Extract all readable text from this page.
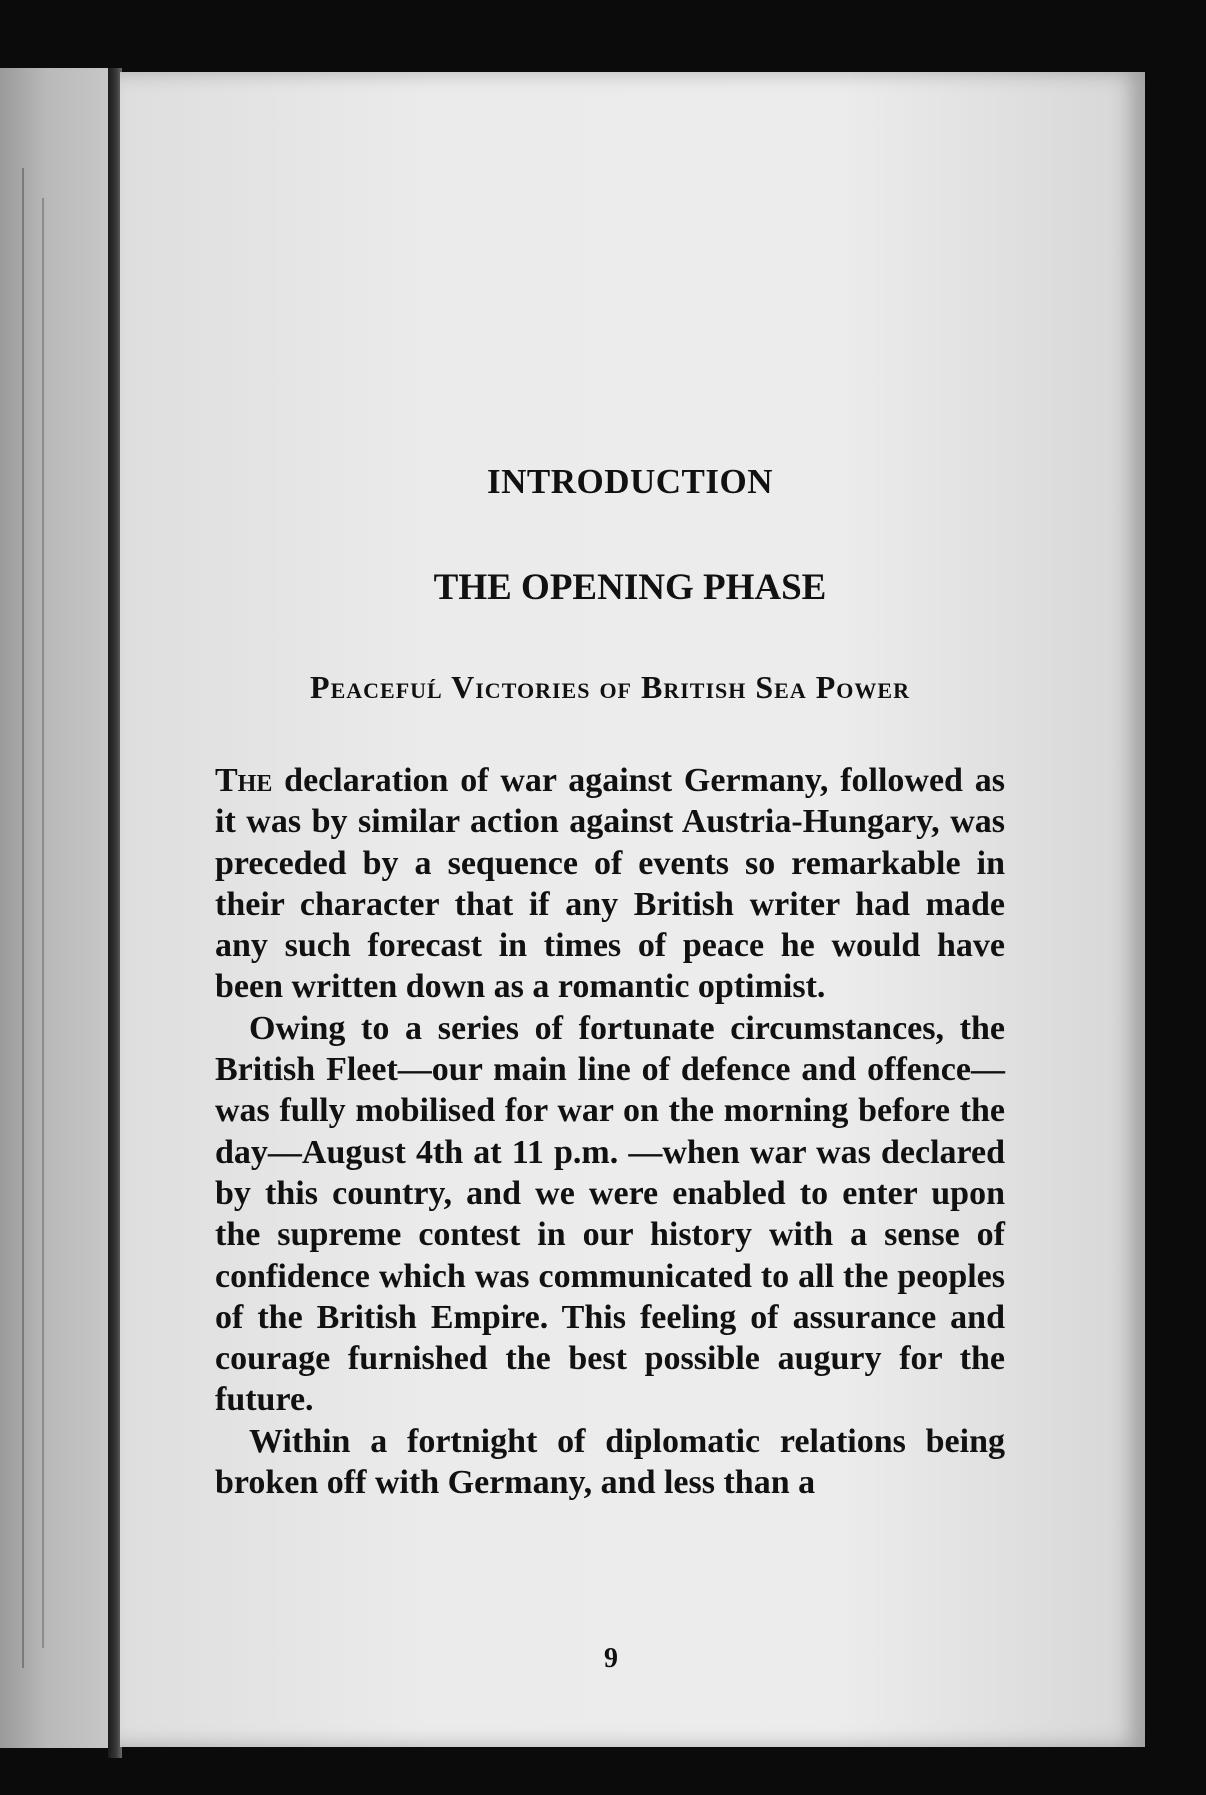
INTRODUCTION
THE OPENING PHASE
Peacefuĺ Victories of British Sea Power

The declaration of war against Germany, followed as it was by similar action against Austria-Hungary, was preceded by a sequence of events so remarkable in their character that if any British writer had made any such forecast in times of peace he would have been written down as a romantic optimist.

Owing to a series of fortunate circumstances, the British Fleet—our main line of defence and offence—was fully mobilised for war on the morning before the day—August 4th at 11 p.m. —when war was declared by this country, and we were enabled to enter upon the supreme contest in our history with a sense of confidence which was communicated to all the peoples of the British Empire. This feeling of assurance and courage furnished the best possible augury for the future.

Within a fortnight of diplomatic relations being broken off with Germany, and less than a

9
